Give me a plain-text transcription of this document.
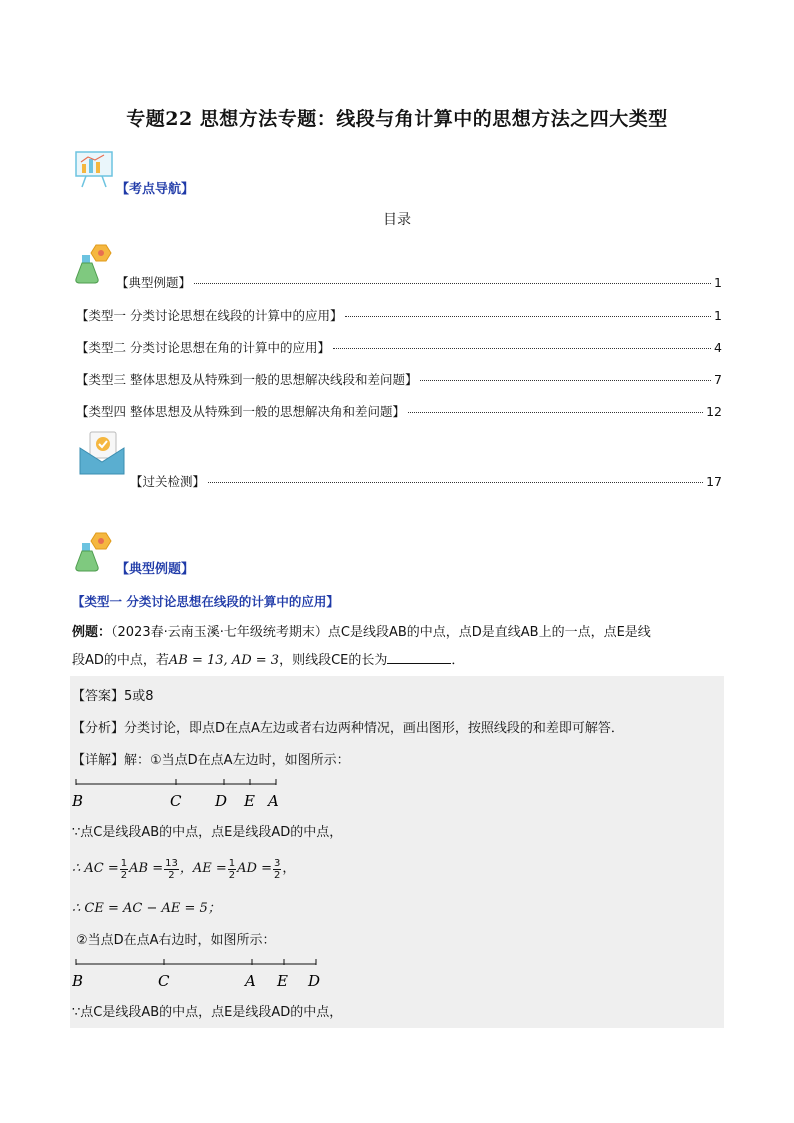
专题22 思想方法专题：线段与角计算中的思想方法之四大类型
【考点导航】
目录
【典型例题】	1
【类型一 分类讨论思想在线段的计算中的应用】	1
【类型二 分类讨论思想在角的计算中的应用】	4
【类型三 整体思想及从特殊到一般的思想解决线段和差问题】	7
【类型四 整体思想及从特殊到一般的思想解决角和差问题】	12
【过关检测】	17
【典型例题】
【类型一 分类讨论思想在线段的计算中的应用】
例题：（2023春·云南玉溪·七年级统考期末）点C是线段AB的中点，点D是直线AB上的一点，点E是线
段AD的中点，若AB = 13, AD = 3，则线段CE的长为	．
【答案】5或8
【分析】分类讨论，即点D在点A左边或者右边两种情况，画出图形，按照线段的和差即可解答．
【详解】解：①当点D在点A左边时，如图所示：
B	C D E A
∵点C是线段AB的中点，点E是线段AD的中点，
∴ AC = $\frac{1}{2}$ AB = $\frac{13}{2}$ ，AE = $\frac{1}{2}$ AD = $\frac{3}{2}$ ，
∴ CE = AC − AE = 5；
②当点D在点A右边时，如图所示：
B	C	A E D
∵点C是线段AB的中点，点E是线段AD的中点，
